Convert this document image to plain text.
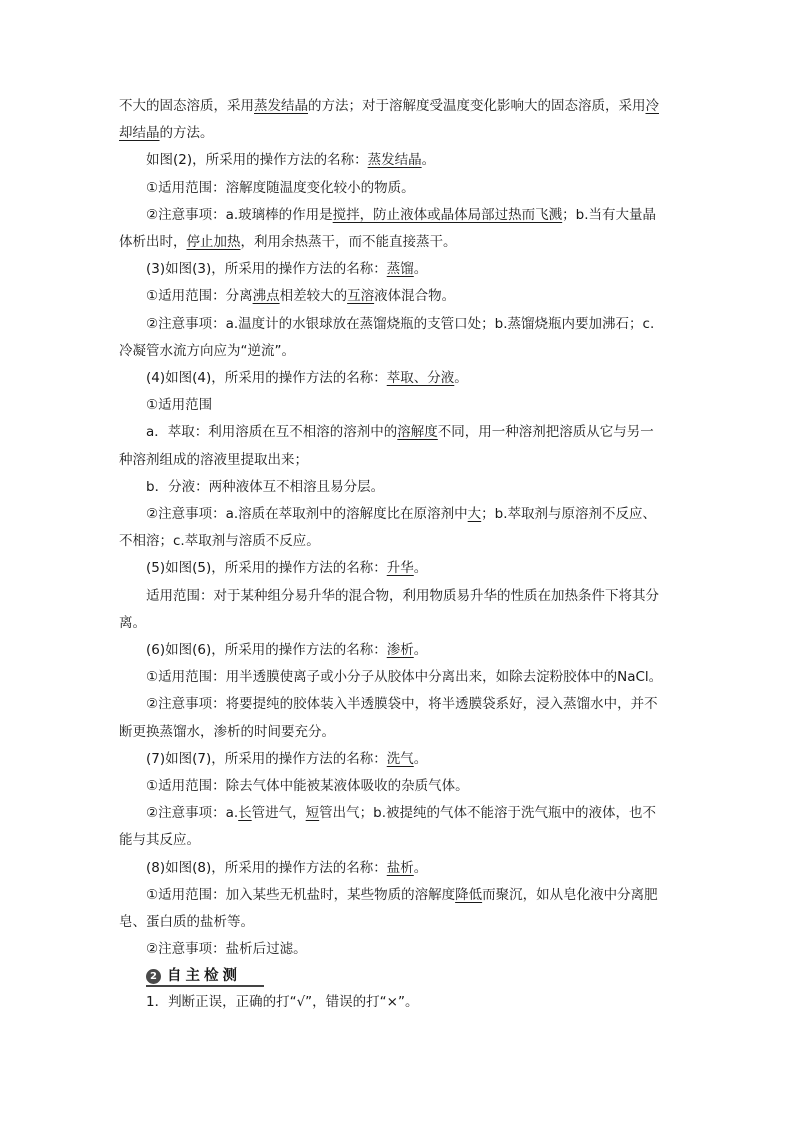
不大的固态溶质，采用蒸发结晶的方法；对于溶解度受温度变化影响大的固态溶质，采用冷

却结晶的方法。

如图(2)，所采用的操作方法的名称：蒸发结晶。

①适用范围：溶解度随温度变化较小的物质。

②注意事项：a.玻璃棒的作用是搅拌，防止液体或晶体局部过热而飞溅；b.当有大量晶

体析出时，停止加热，利用余热蒸干，而不能直接蒸干。

(3)如图(3)，所采用的操作方法的名称：蒸馏。

①适用范围：分离沸点相差较大的互溶液体混合物。

②注意事项：a.温度计的水银球放在蒸馏烧瓶的支管口处；b.蒸馏烧瓶内要加沸石；c.

冷凝管水流方向应为“逆流”。

(4)如图(4)，所采用的操作方法的名称：萃取、分液。

①适用范围

a．萃取：利用溶质在互不相溶的溶剂中的溶解度不同，用一种溶剂把溶质从它与另一

种溶剂组成的溶液里提取出来；

b．分液：两种液体互不相溶且易分层。

②注意事项：a.溶质在萃取剂中的溶解度比在原溶剂中大；b.萃取剂与原溶剂不反应、

不相溶；c.萃取剂与溶质不反应。

(5)如图(5)，所采用的操作方法的名称：升华。

适用范围：对于某种组分易升华的混合物，利用物质易升华的性质在加热条件下将其分

离。

(6)如图(6)，所采用的操作方法的名称：渗析。

①适用范围：用半透膜使离子或小分子从胶体中分离出来，如除去淀粉胶体中的NaCl。

②注意事项：将要提纯的胶体装入半透膜袋中，将半透膜袋系好，浸入蒸馏水中，并不

断更换蒸馏水，渗析的时间要充分。

(7)如图(7)，所采用的操作方法的名称：洗气。

①适用范围：除去气体中能被某液体吸收的杂质气体。

②注意事项：a.长管进气，短管出气；b.被提纯的气体不能溶于洗气瓶中的液体，也不

能与其反应。

(8)如图(8)，所采用的操作方法的名称：盐析。

①适用范围：加入某些无机盐时，某些物质的溶解度降低而聚沉，如从皂化液中分离肥

皂、蛋白质的盐析等。

②注意事项：盐析后过滤。

2 自主检测

1．判断正误，正确的打“√”，错误的打“×”。
